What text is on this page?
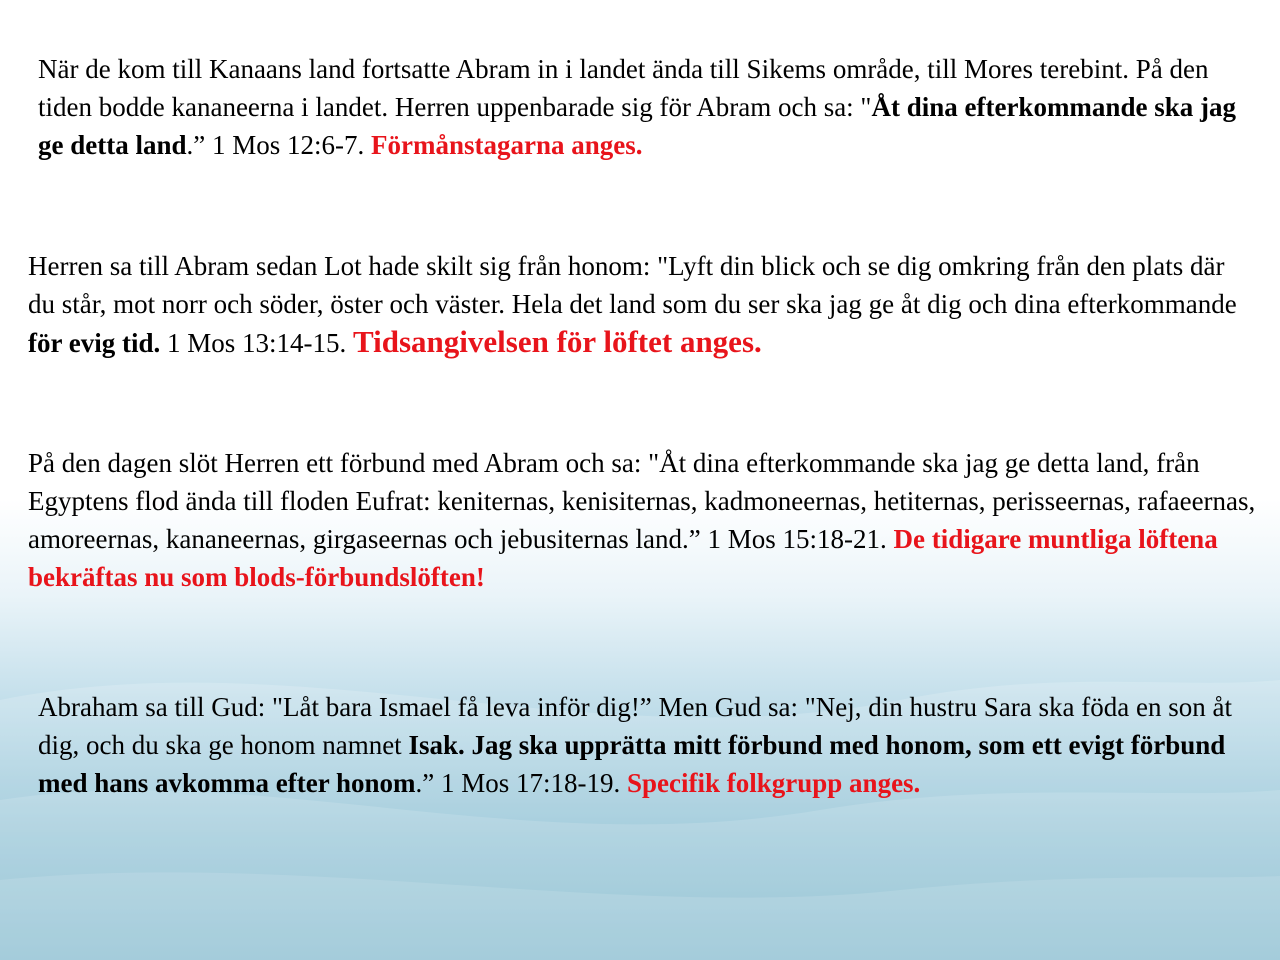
När de kom till Kanaans land fortsatte Abram in i landet ända till Sikems område, till Mores terebint. På den tiden bodde kananeerna i landet. Herren uppenbarade sig för Abram och sa: "Åt dina efterkommande ska jag ge detta land.” 1 Mos 12:6-7. Förmånstagarna anges.

Herren sa till Abram sedan Lot hade skilt sig från honom: "Lyft din blick och se dig omkring från den plats där du står, mot norr och söder, öster och väster. Hela det land som du ser ska jag ge åt dig och dina efterkommande för evig tid. 1 Mos 13:14-15. Tidsangivelsen för löftet anges.

På den dagen slöt Herren ett förbund med Abram och sa: "Åt dina efterkommande ska jag ge detta land, från Egyptens flod ända till floden Eufrat: keniternas, kenisiternas, kadmoneernas, hetiternas, perisseernas, rafaeernas, amoreernas, kananeernas, girgaseernas och jebusiternas land.” 1 Mos 15:18-21. De tidigare muntliga löftena bekräftas nu som blods-förbundslöften!

Abraham sa till Gud: "Låt bara Ismael få leva inför dig!” Men Gud sa: "Nej, din hustru Sara ska föda en son åt dig, och du ska ge honom namnet Isak. Jag ska upprätta mitt förbund med honom, som ett evigt förbund med hans avkomma efter honom.” 1 Mos 17:18-19. Specifik folkgrupp anges.
